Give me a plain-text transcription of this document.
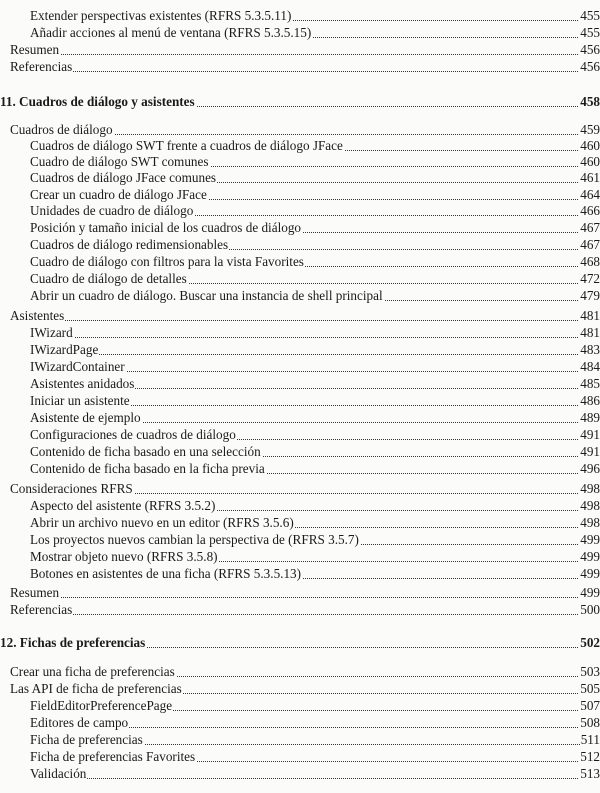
Extender perspectivas existentes (RFRS 5.3.5.11)	455
Añadir acciones al menú de ventana (RFRS 5.3.5.15)	455
Resumen	456
Referencias	456
11. Cuadros de diálogo y asistentes	458
Cuadros de diálogo	459
Cuadros de diálogo SWT frente a cuadros de diálogo JFace	460
Cuadro de diálogo SWT comunes	460
Cuadros de diálogo JFace comunes	461
Crear un cuadro de diálogo JFace	464
Unidades de cuadro de diálogo	466
Posición y tamaño inicial de los cuadros de diálogo	467
Cuadros de diálogo redimensionables	467
Cuadro de diálogo con filtros para la vista Favorites	468
Cuadro de diálogo de detalles	472
Abrir un cuadro de diálogo. Buscar una instancia de shell principal	479
Asistentes	481
IWizard	481
IWizardPage	483
IWizardContainer	484
Asistentes anidados	485
Iniciar un asistente	486
Asistente de ejemplo	489
Configuraciones de cuadros de diálogo	491
Contenido de ficha basado en una selección	491
Contenido de ficha basado en la ficha previa	496
Consideraciones RFRS	498
Aspecto del asistente (RFRS 3.5.2)	498
Abrir un archivo nuevo en un editor (RFRS 3.5.6)	498
Los proyectos nuevos cambian la perspectiva de (RFRS 3.5.7)	499
Mostrar objeto nuevo (RFRS 3.5.8)	499
Botones en asistentes de una ficha (RFRS 5.3.5.13)	499
Resumen	499
Referencias	500
12. Fichas de preferencias	502
Crear una ficha de preferencias	503
Las API de ficha de preferencias	505
FieldEditorPreferencePage	507
Editores de campo	508
Ficha de preferencias	511
Ficha de preferencias Favorites	512
Validación	513
